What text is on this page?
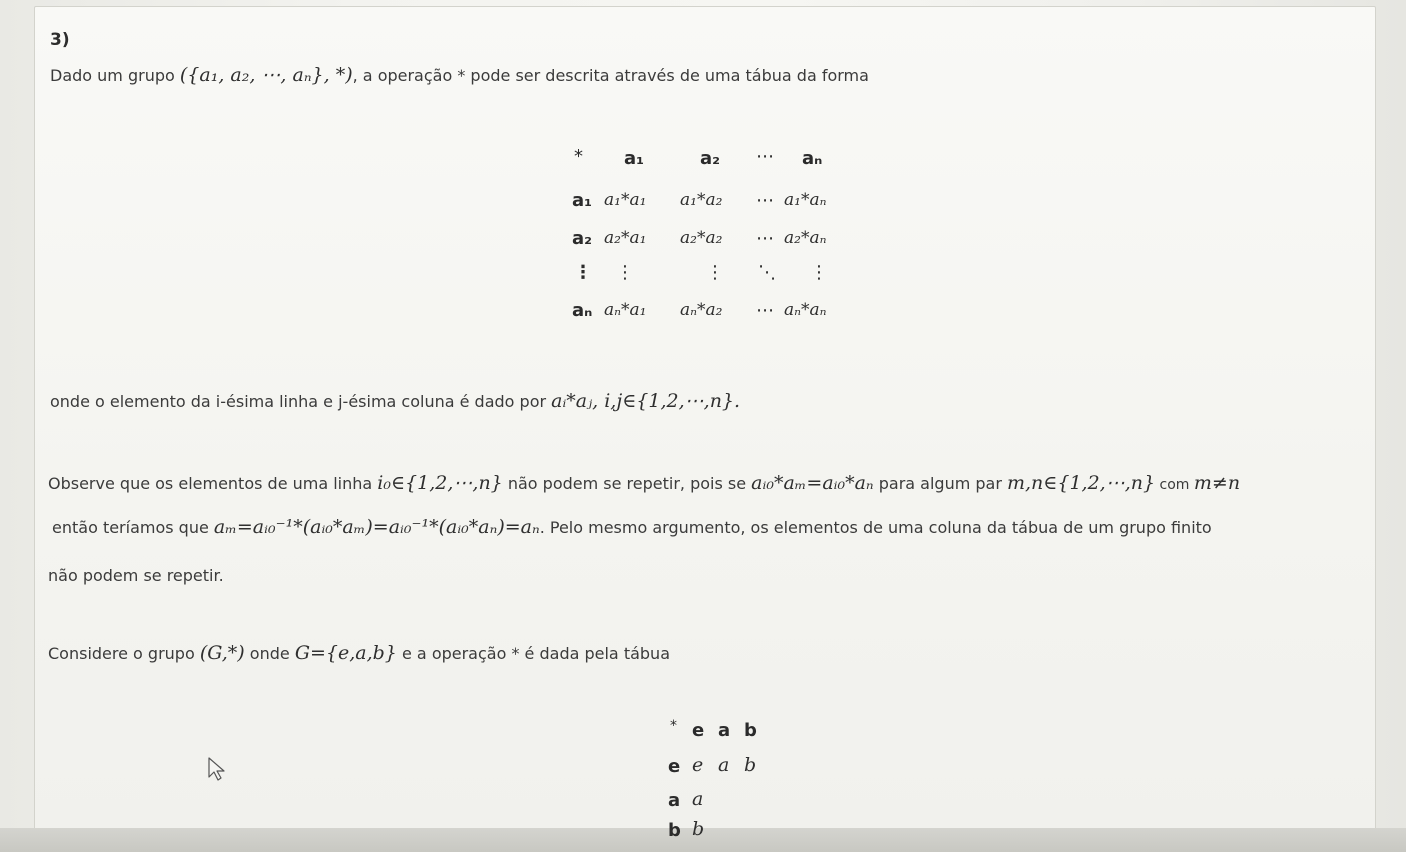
3)
Dado um grupo ({a₁, a₂, ⋯, aₙ}, *), a operação * pode ser descrita através de uma tábua da forma
* a₁	a₂ ⋯ aₙ
a₁ a₁*a₁ a₁*a₂ ⋯ a₁*aₙ
a₂ a₂*a₁ a₂*a₂ ⋯ a₂*aₙ
⋮ ⋮	⋮ ⋱ ⋮
aₙ aₙ*a₁ aₙ*a₂ ⋯ aₙ*aₙ
onde o elemento da i-ésima linha e j-ésima coluna é dado por aᵢ*aⱼ, i,j∈{1,2,⋯,n}.
Observe que os elementos de uma linha i₀∈{1,2,⋯,n} não podem se repetir, pois se aᵢ₀*aₘ=aᵢ₀*aₙ para algum par m,n∈{1,2,⋯,n} com m≠n
então teríamos que aₘ=aᵢ₀⁻¹*(aᵢ₀*aₘ)=aᵢ₀⁻¹*(aᵢ₀*aₙ)=aₙ. Pelo mesmo argumento, os elementos de uma coluna da tábua de um grupo finito
não podem se repetir.
Considere o grupo (G,*) onde G={e,a,b} e a operação * é dada pela tábua
* e a b
e e a b
a a
b b
